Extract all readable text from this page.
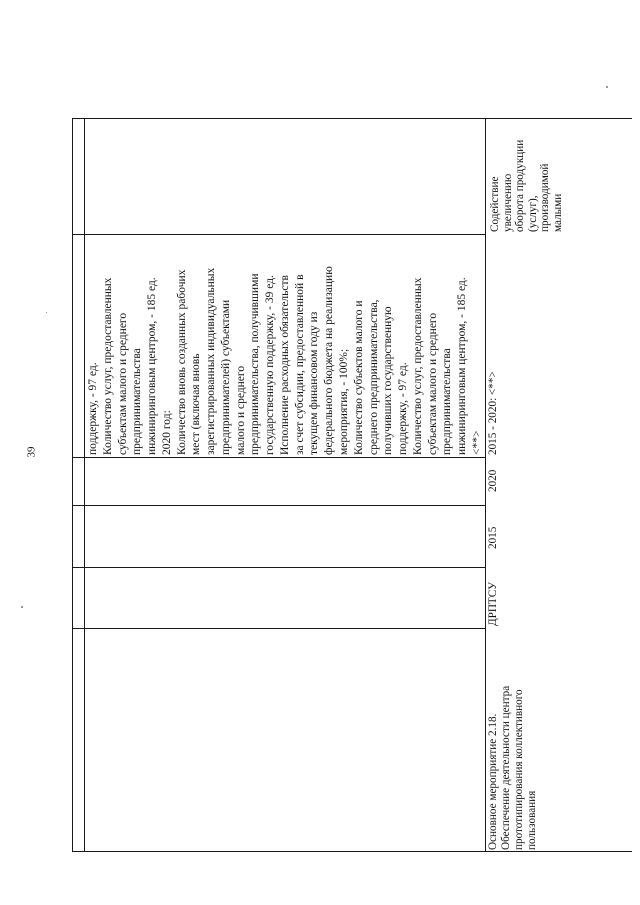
39
Основное мероприятие 2.18. Обеспечение деятельности центра прототипирования коллективного пользования
ДРПТСУ
2015
2020
поддержку, - 97 ед. Количество услуг, предоставленных субъектам малого и среднего предпринимательства инжиниринговым центром, - 185 ед. 2020 год: Количество вновь созданных рабочих мест (включая вновь зарегистрированных индивидуальных предпринимателей) субъектами малого и среднего предпринимательства, получившими государственную поддержку, - 39 ед. Исполнение расходных обязательств за счет субсидии, предоставленной в текущем финансовом году из федерального бюджета на реализацию мероприятия, - 100%; Количество субъектов малого и среднего предпринимательства, получивших государственную поддержку, - 97 ед. Количество услуг, предоставленных субъектам малого и среднего предпринимательства инжиниринговым центром, - 185 ед. <**> 2015 - 2020: <**>
Содействие увеличению оборота продукции (услуг), производимой малыми
